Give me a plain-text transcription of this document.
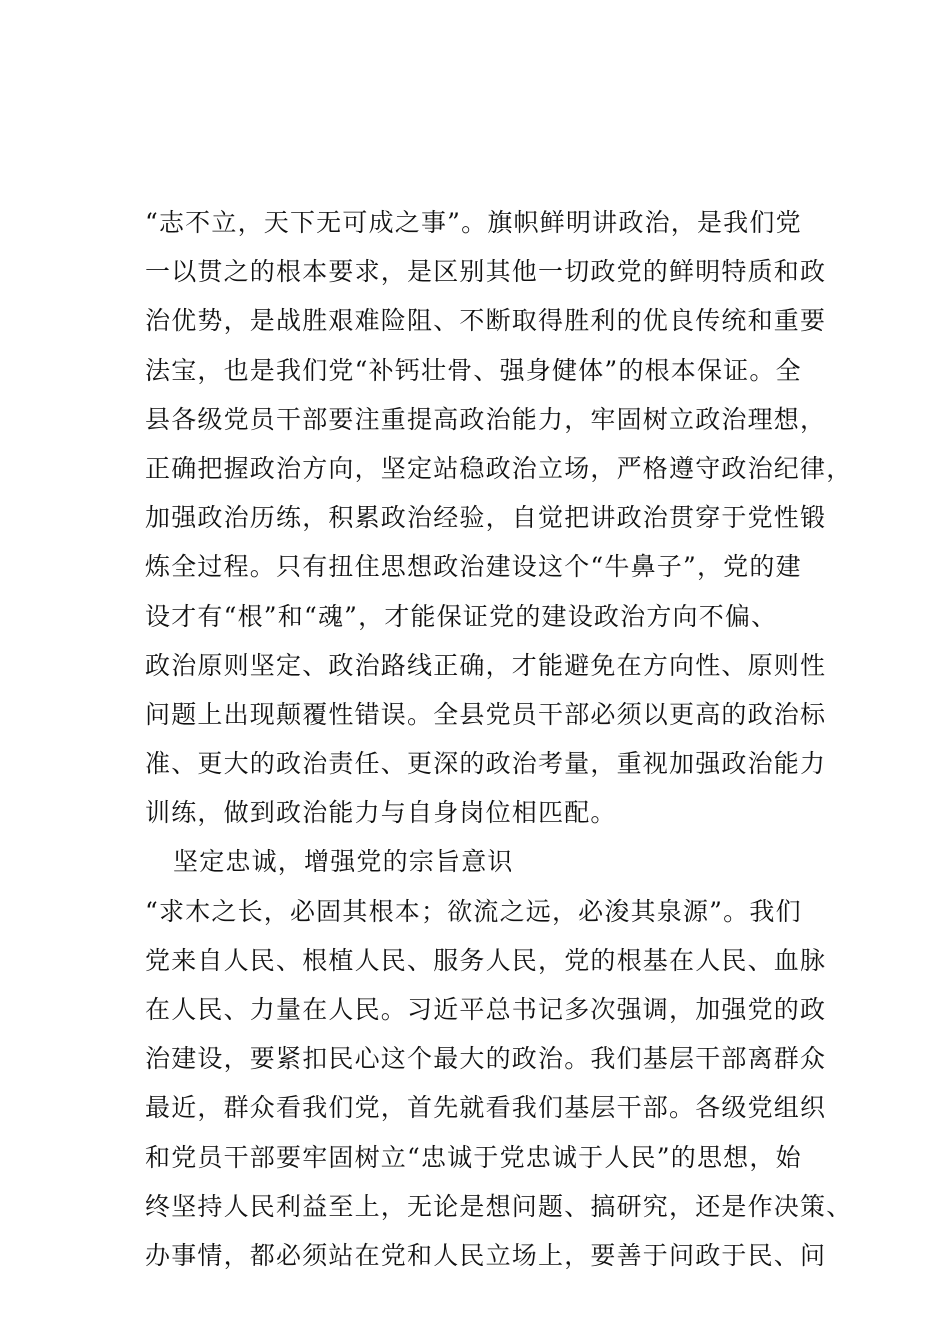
“志不立，天下无可成之事”。旗帜鲜明讲政治，是我们党
一以贯之的根本要求，是区别其他一切政党的鲜明特质和政
治优势，是战胜艰难险阻、不断取得胜利的优良传统和重要
法宝，也是我们党“补钙壮骨、强身健体”的根本保证。全
县各级党员干部要注重提高政治能力，牢固树立政治理想，
正确把握政治方向，坚定站稳政治立场，严格遵守政治纪律，
加强政治历练，积累政治经验，自觉把讲政治贯穿于党性锻
炼全过程。只有扭住思想政治建设这个“牛鼻子”，党的建
设才有“根”和“魂”，才能保证党的建设政治方向不偏、
政治原则坚定、政治路线正确，才能避免在方向性、原则性
问题上出现颠覆性错误。全县党员干部必须以更高的政治标
准、更大的政治责任、更深的政治考量，重视加强政治能力
训练，做到政治能力与自身岗位相匹配。
坚定忠诚，增强党的宗旨意识
“求木之长，必固其根本；欲流之远，必浚其泉源”。我们
党来自人民、根植人民、服务人民，党的根基在人民、血脉
在人民、力量在人民。习近平总书记多次强调，加强党的政
治建设，要紧扣民心这个最大的政治。我们基层干部离群众
最近，群众看我们党，首先就看我们基层干部。各级党组织
和党员干部要牢固树立“忠诚于党忠诚于人民”的思想，始
终坚持人民利益至上，无论是想问题、搞研究，还是作决策、
办事情，都必须站在党和人民立场上，要善于问政于民、问
